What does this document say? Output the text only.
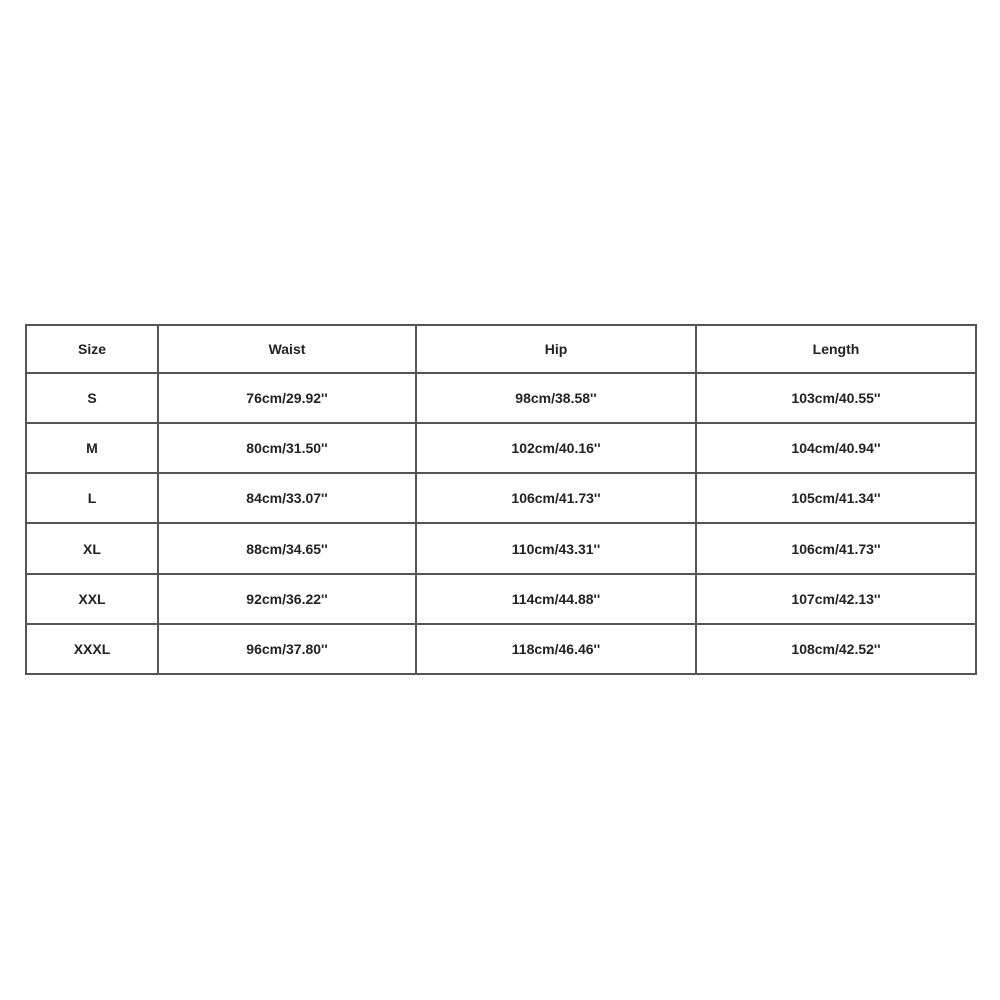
Size	Waist	Hip	Length
S	76cm/29.92''	98cm/38.58''	103cm/40.55''
M	80cm/31.50''	102cm/40.16''	104cm/40.94''
L	84cm/33.07''	106cm/41.73''	105cm/41.34''
XL	88cm/34.65''	110cm/43.31''	106cm/41.73''
XXL	92cm/36.22''	114cm/44.88''	107cm/42.13''
XXXL	96cm/37.80''	118cm/46.46''	108cm/42.52''
